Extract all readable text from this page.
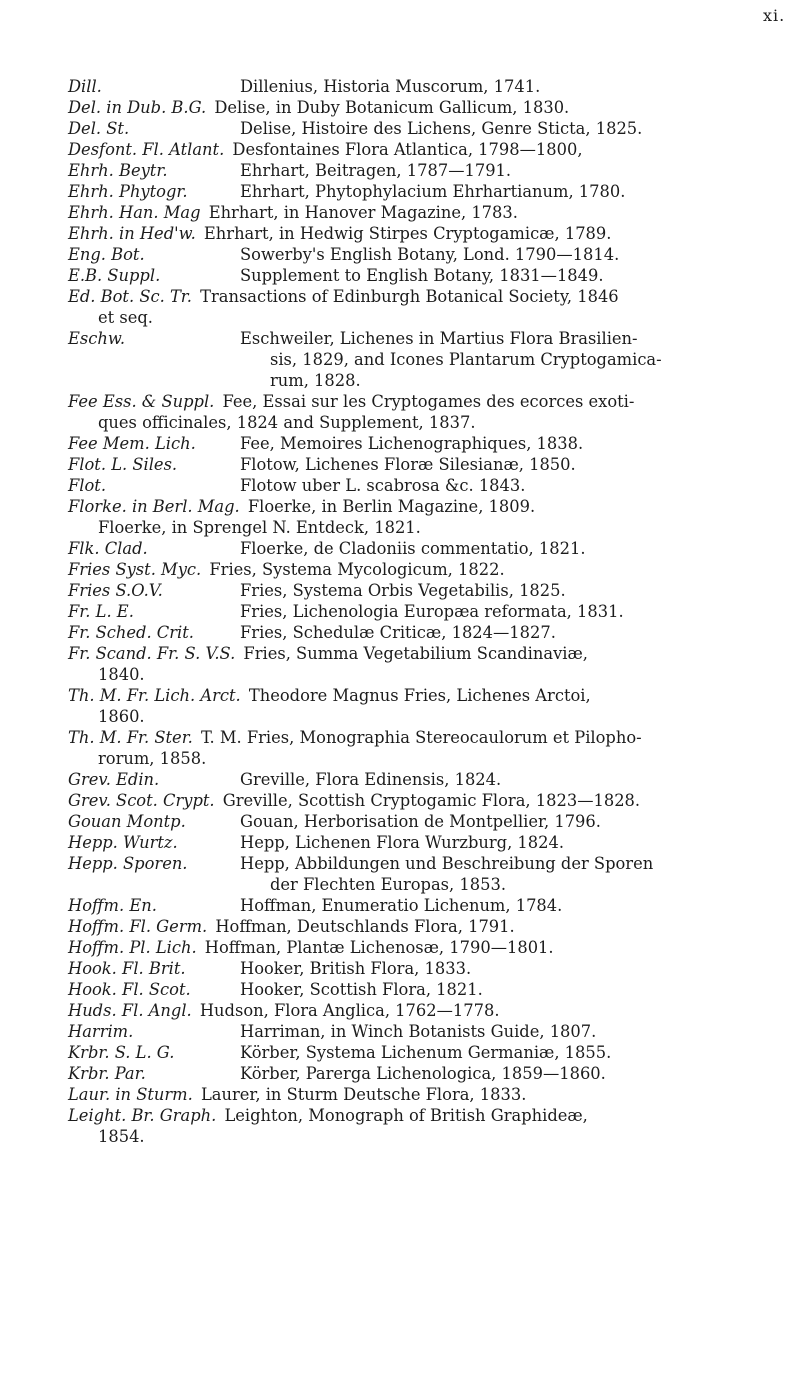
xi.
Dill.	Dillenius, Historia Muscorum, 1741.
Del. in Dub. B.G.  Delise, in Duby Botanicum Gallicum, 1830.
Del. St.	Delise, Histoire des Lichens, Genre Sticta, 1825.
Desfont. Fl. Atlant.  Desfontaines Flora Atlantica, 1798—1800,
Ehrh. Beytr.	Ehrhart, Beitragen, 1787—1791.
Ehrh. Phytogr.	Ehrhart, Phytophylacium Ehrhartianum, 1780.
Ehrh. Han. Mag  Ehrhart, in Hanover Magazine, 1783.
Ehrh. in Hed'w.  Ehrhart, in Hedwig Stirpes Cryptogamicæ, 1789.
Eng. Bot.	Sowerby's English Botany, Lond. 1790—1814.
E.B. Suppl.	Supplement to English Botany, 1831—1849.
Ed. Bot. Sc. Tr.  Transactions of Edinburgh Botanical Society, 1846
et seq.
Eschw.	Eschweiler, Lichenes in Martius Flora Brasilien-
sis, 1829, and Icones Plantarum Cryptogamica-
rum, 1828.
Fee Ess. & Suppl.  Fee, Essai sur les Cryptogames des ecorces exoti-
ques officinales, 1824 and Supplement, 1837.
Fee Mem. Lich.	Fee, Memoires Lichenographiques, 1838.
Flot. L. Siles.	Flotow, Lichenes Floræ Silesianæ, 1850.
Flot.	Flotow uber L. scabrosa &c. 1843.
Florke. in Berl. Mag.  Floerke, in Berlin Magazine, 1809.
Floerke, in Sprengel N. Entdeck, 1821.
Flk. Clad.	Floerke, de Cladoniis commentatio, 1821.
Fries Syst. Myc.  Fries, Systema Mycologicum, 1822.
Fries S.O.V.	Fries, Systema Orbis Vegetabilis, 1825.
Fr. L. E.	Fries, Lichenologia Europæa reformata, 1831.
Fr. Sched. Crit.	Fries, Schedulæ Criticæ, 1824—1827.
Fr. Scand. Fr. S. V.S.  Fries, Summa Vegetabilium Scandinaviæ,
1840.
Th. M. Fr. Lich. Arct.  Theodore Magnus Fries, Lichenes Arctoi,
1860.
Th. M. Fr. Ster.  T. M. Fries, Monographia Stereocaulorum et Pilopho-
rorum, 1858.
Grev. Edin.	Greville, Flora Edinensis, 1824.
Grev. Scot. Crypt.  Greville, Scottish Cryptogamic Flora, 1823—1828.
Gouan Montp.	Gouan, Herborisation de Montpellier, 1796.
Hepp. Wurtz.	Hepp, Lichenen Flora Wurzburg, 1824.
Hepp. Sporen.	Hepp, Abbildungen und Beschreibung der Sporen
der Flechten Europas, 1853.
Hoffm. En.	Hoffman, Enumeratio Lichenum, 1784.
Hoffm. Fl. Germ.  Hoffman, Deutschlands Flora, 1791.
Hoffm. Pl. Lich.  Hoffman, Plantæ Lichenosæ, 1790—1801.
Hook. Fl. Brit.	Hooker, British Flora, 1833.
Hook. Fl. Scot.	Hooker, Scottish Flora, 1821.
Huds. Fl. Angl.  Hudson, Flora Anglica, 1762—1778.
Harrim.	Harriman, in Winch Botanists Guide, 1807.
Krbr. S. L. G.	Körber, Systema Lichenum Germaniæ, 1855.
Krbr. Par.	Körber, Parerga Lichenologica, 1859—1860.
Laur. in Sturm.  Laurer, in Sturm Deutsche Flora, 1833.
Leight. Br. Graph.  Leighton, Monograph of British Graphideæ,
1854.
